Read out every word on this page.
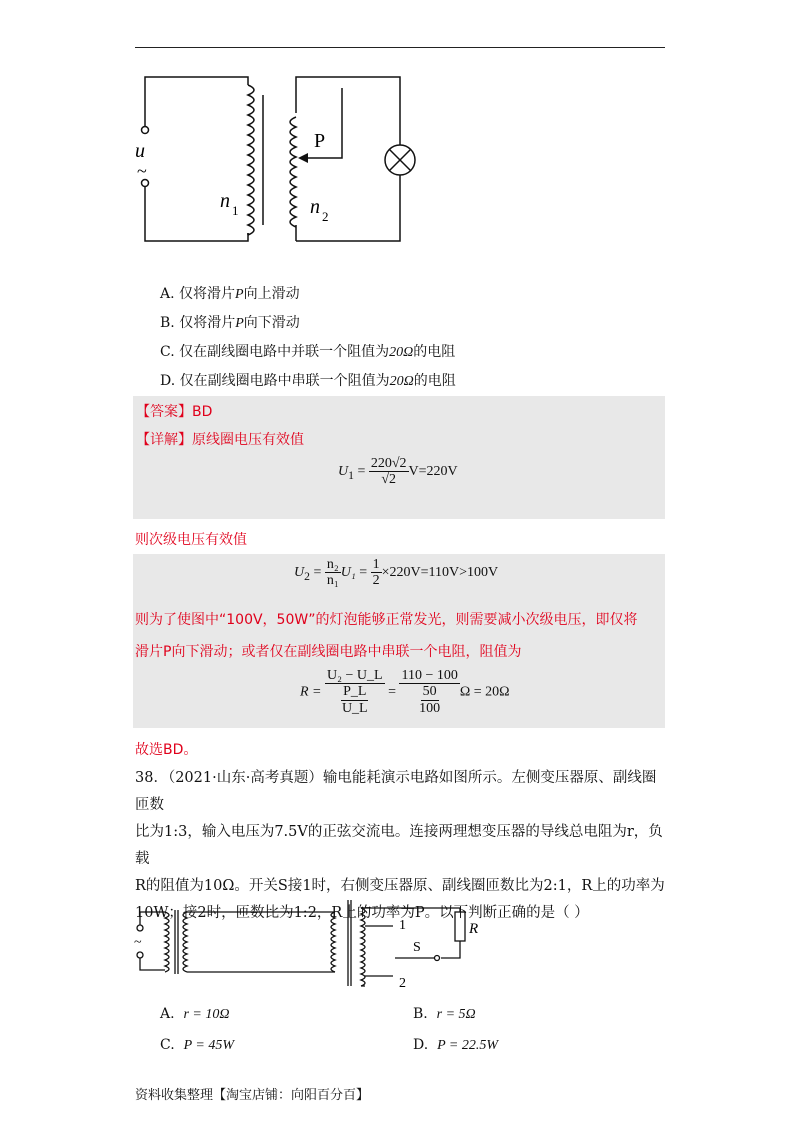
u
~
n 1	n 2
P
A. 仅将滑片P向上滑动
B. 仅将滑片P向下滑动
C. 仅在副线圈电路中并联一个阻值为20Ω的电阻
D. 仅在副线圈电路中串联一个阻值为20Ω的电阻
【答案】BD
【详解】原线圈电压有效值
$U_1 = \frac{220√2}{√2} V=220V$
则次级电压有效值
$U_2 = \frac{\text{n₂}}{\text{n₁}} U_1 = \frac{1}{2} \times 220V=110V>100V$
则为了使图中“100V，50W”的灯泡能够正常发光，则需要减小次级电压，即仅将
滑片P向下滑动；或者仅在副线圈电路中串联一个电阻，阻值为
$R = \frac{\text{U₂ − U\_L}}{\frac{P\_L}{U\_L}} = \frac{110 - 100}{\frac{50}{100}}$ Ω = 20Ω
故选BD。
38．（2021·山东·高考真题）输电能耗演示电路如图所示。左侧变压器原、副线圈匝数
比为1:3，输入电压为7.5V的正弦交流电。连接两理想变压器的导线总电阻为r，负载
R的阻值为10Ω。开关S接1时，右侧变压器原、副线圈匝数比为2:1，R上的功率为
10W；接2时，匝数比为1:2，R上的功率为P。以下判断正确的是（ ）
1
2
S
R
~
A. r = 10Ω	B. r = 5Ω
C. P = 45W	D. P = 22.5W
资料收集整理【淘宝店铺：向阳百分百】
